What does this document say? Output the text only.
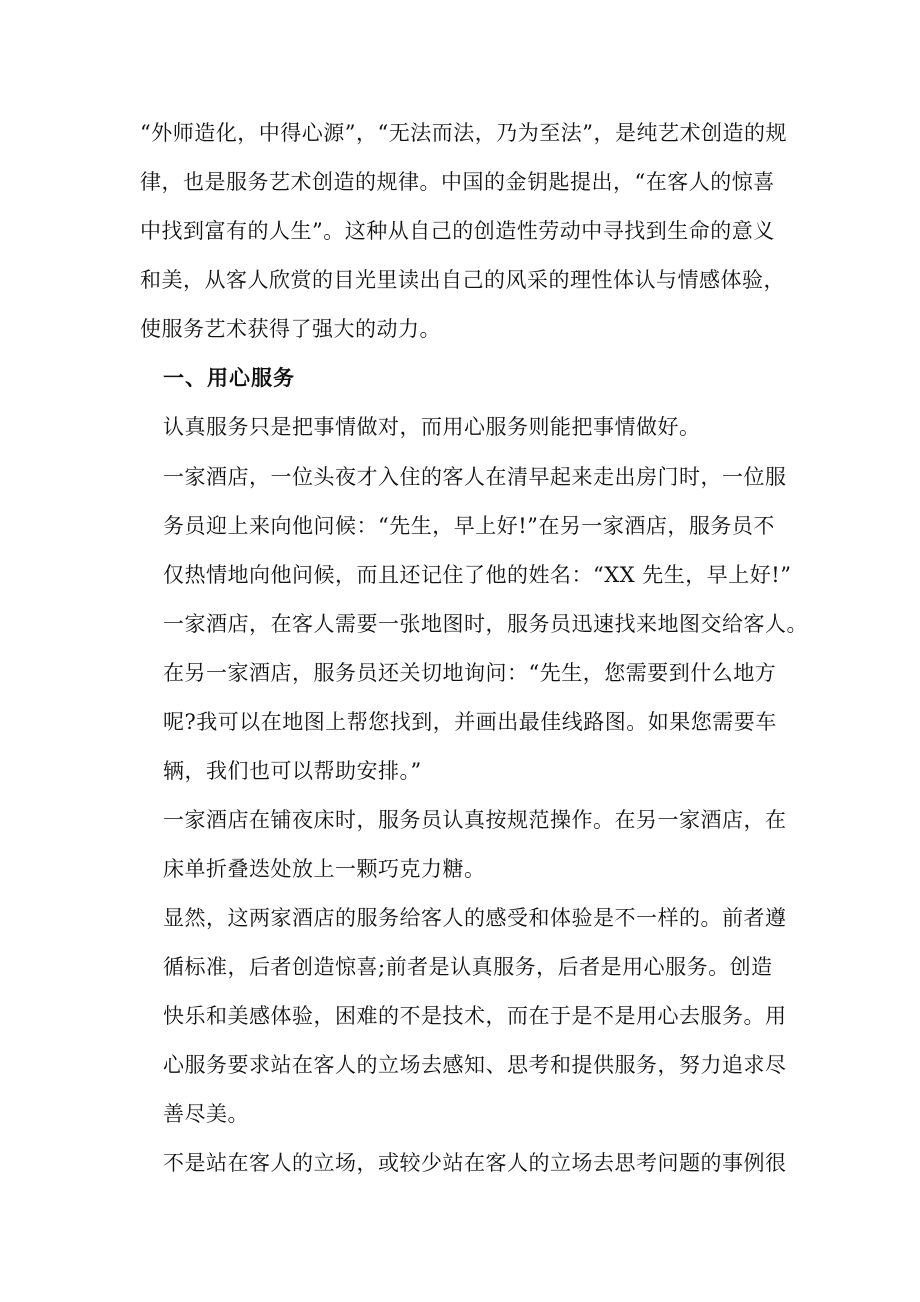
“外师造化，中得心源”，“无法而法，乃为至法”，是纯艺术创造的规
律，也是服务艺术创造的规律。中国的金钥匙提出，“在客人的惊喜
中找到富有的人生”。这种从自己的创造性劳动中寻找到生命的意义
和美，从客人欣赏的目光里读出自己的风采的理性体认与情感体验，
使服务艺术获得了强大的动力。
一、用心服务
认真服务只是把事情做对，而用心服务则能把事情做好。
一家酒店，一位头夜才入住的客人在清早起来走出房门时，一位服
务员迎上来向他问候：“先生，早上好!”在另一家酒店，服务员不
仅热情地向他问候，而且还记住了他的姓名：“XX 先生，早上好!”
一家酒店，在客人需要一张地图时，服务员迅速找来地图交给客人。
在另一家酒店，服务员还关切地询问：“先生，您需要到什么地方
呢?我可以在地图上帮您找到，并画出最佳线路图。如果您需要车
辆，我们也可以帮助安排。”
一家酒店在铺夜床时，服务员认真按规范操作。在另一家酒店，在
床单折叠迭处放上一颗巧克力糖。
显然，这两家酒店的服务给客人的感受和体验是不一样的。前者遵
循标准，后者创造惊喜;前者是认真服务，后者是用心服务。创造
快乐和美感体验，困难的不是技术，而在于是不是用心去服务。用
心服务要求站在客人的立场去感知、思考和提供服务，努力追求尽
善尽美。
不是站在客人的立场，或较少站在客人的立场去思考问题的事例很
